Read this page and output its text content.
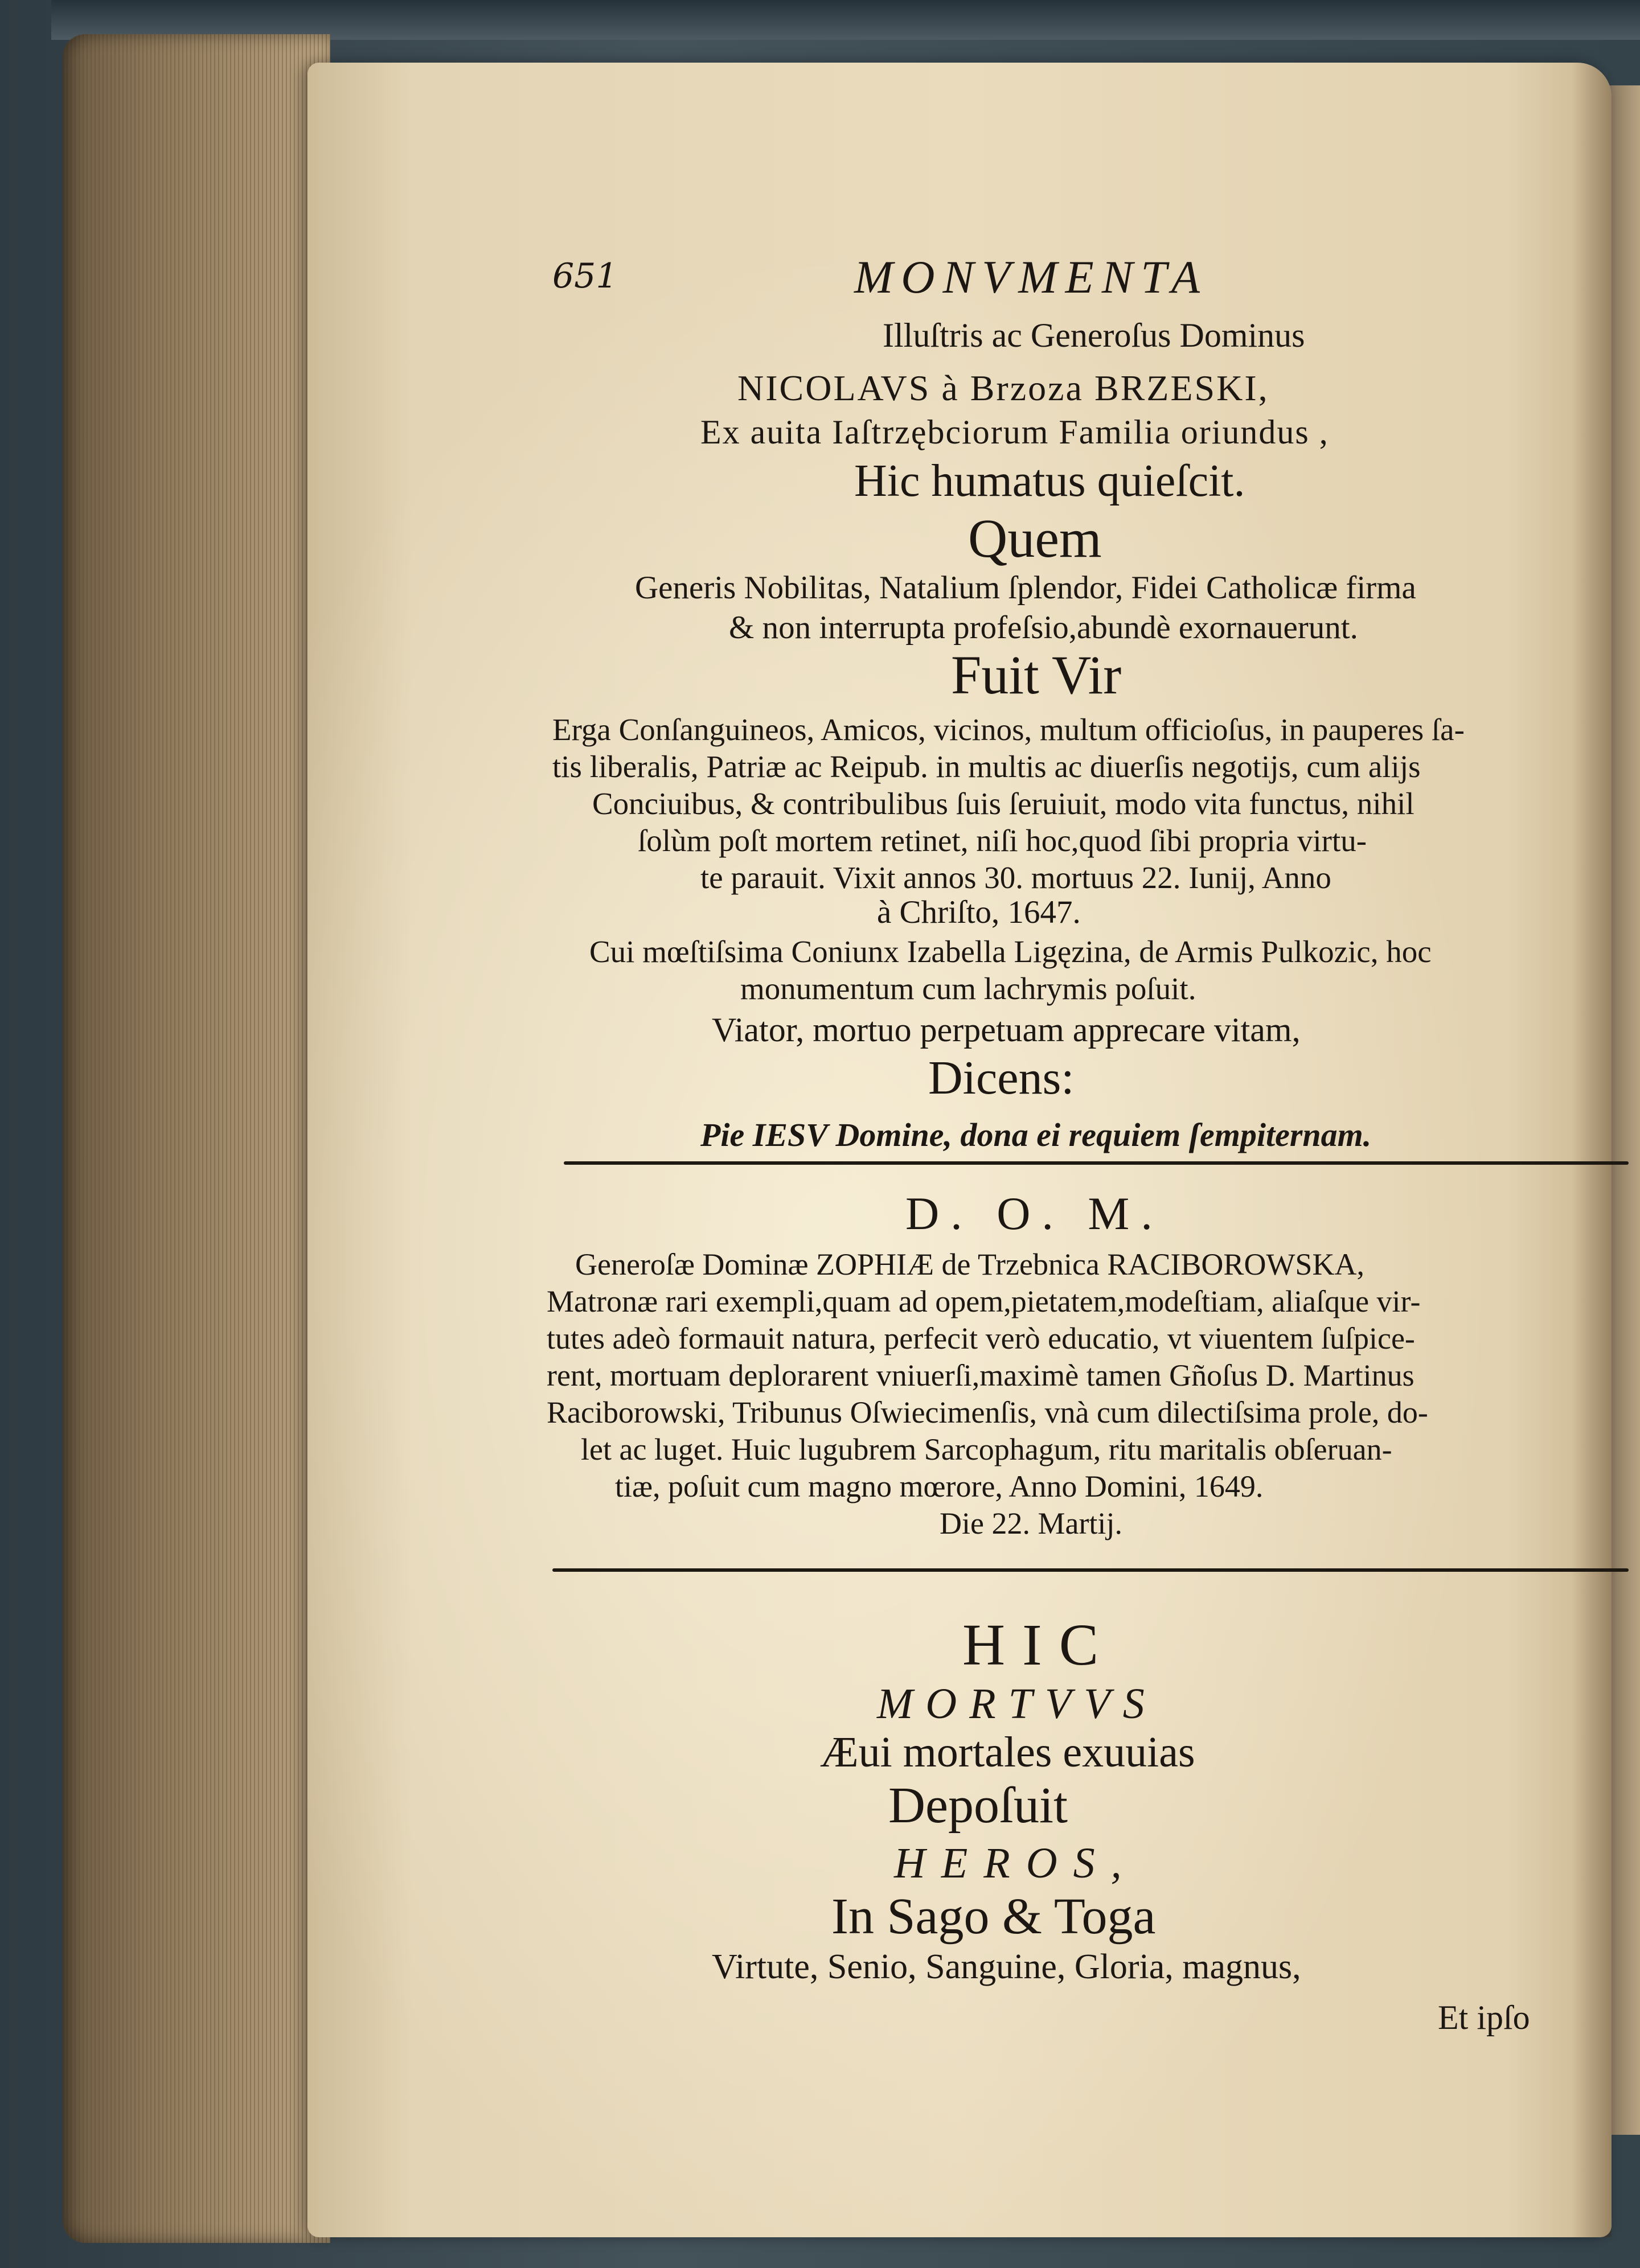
651	MONVMENTA
Illuſtris ac Generoſus Dominus
NICOLAVS à Brzoza BRZESKI,
Ex auita Iaſtrzębciorum Familia oriundus ,
Hic humatus quieſcit.
Quem
Generis Nobilitas, Natalium ſplendor, Fidei Catholicæ firma
& non interrupta profeſsio,abundè exornauerunt.
Fuit Vir
Erga Conſanguineos, Amicos, vicinos, multum officioſus, in pauperes ſa-
tis liberalis, Patriæ ac Reipub. in multis ac diuerſis negotijs, cum alijs
Conciuibus, & contribulibus ſuis ſeruiuit, modo vita functus, nihil
ſolùm poſt mortem retinet, niſi hoc,quod ſibi propria virtu-
te parauit. Vixit annos 30. mortuus 22. Iunij, Anno
à Chriſto, 1647.
Cui mœſtiſsima Coniunx Izabella Ligęzina, de Armis Pulkozic, hoc
monumentum cum lachrymis poſuit.
Viator, mortuo perpetuam apprecare vitam,
Dicens:
Pie IESV Domine, dona ei requiem ſempiternam.
D. O. M.
Generoſæ Dominæ ZOPHIÆ de Trzebnica RACIBOROWSKA,
Matronæ rari exempli,quam ad opem,pietatem,modeſtiam, aliaſque vir-
tutes adeò formauit natura, perfecit verò educatio, vt viuentem ſuſpice-
rent, mortuam deplorarent vniuerſi,maximè tamen Gñoſus D. Martinus
Raciborowski, Tribunus Oſwiecimenſis, vnà cum dilectiſsima prole, do-
let ac luget. Huic lugubrem Sarcophagum, ritu maritalis obſeruan-
tiæ, poſuit cum magno mœrore, Anno Domini, 1649.
Die 22. Martij.
HIC
MORTVVS
Æui mortales exuuias
Depoſuit
HEROS,
In Sago & Toga
Virtute, Senio, Sanguine, Gloria, magnus,
Et ipſo
